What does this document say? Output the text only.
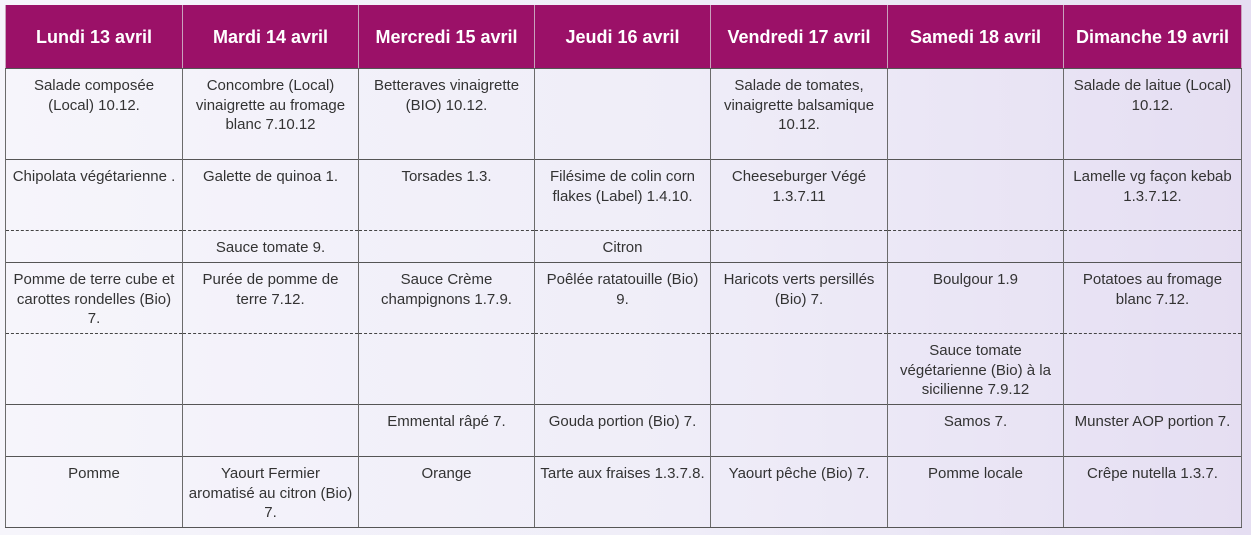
Lundi 13 avril	Mardi 14 avril	Mercredi 15 avril	Jeudi 16 avril	Vendredi 17 avril	Samedi 18 avril	Dimanche 19 avril
Salade composée (Local) 10.12.	Concombre (Local) vinaigrette au fromage blanc 7.10.12	Betteraves vinaigrette (BIO) 10.12.		Salade de tomates, vinaigrette balsamique 10.12.		Salade de laitue (Local) 10.12.
Chipolata végétarienne .	Galette de quinoa 1.	Torsades 1.3.	Filésime de colin corn flakes (Label) 1.4.10.	Cheeseburger Végé 1.3.7.11		Lamelle vg façon kebab 1.3.7.12.
	Sauce tomate 9.		Citron			
Pomme de terre cube et carottes rondelles (Bio) 7.	Purée de pomme de terre 7.12.	Sauce Crème champignons 1.7.9.	Poêlée ratatouille (Bio) 9.	Haricots verts persillés (Bio) 7.	Boulgour 1.9	Potatoes au fromage blanc 7.12.
					Sauce tomate végétarienne (Bio) à la sicilienne 7.9.12	
		Emmental râpé 7.	Gouda portion (Bio) 7.		Samos 7.	Munster AOP portion 7.
Pomme	Yaourt Fermier aromatisé au citron (Bio) 7.	Orange	Tarte aux fraises 1.3.7.8.	Yaourt pêche (Bio) 7.	Pomme locale	Crêpe nutella 1.3.7.
